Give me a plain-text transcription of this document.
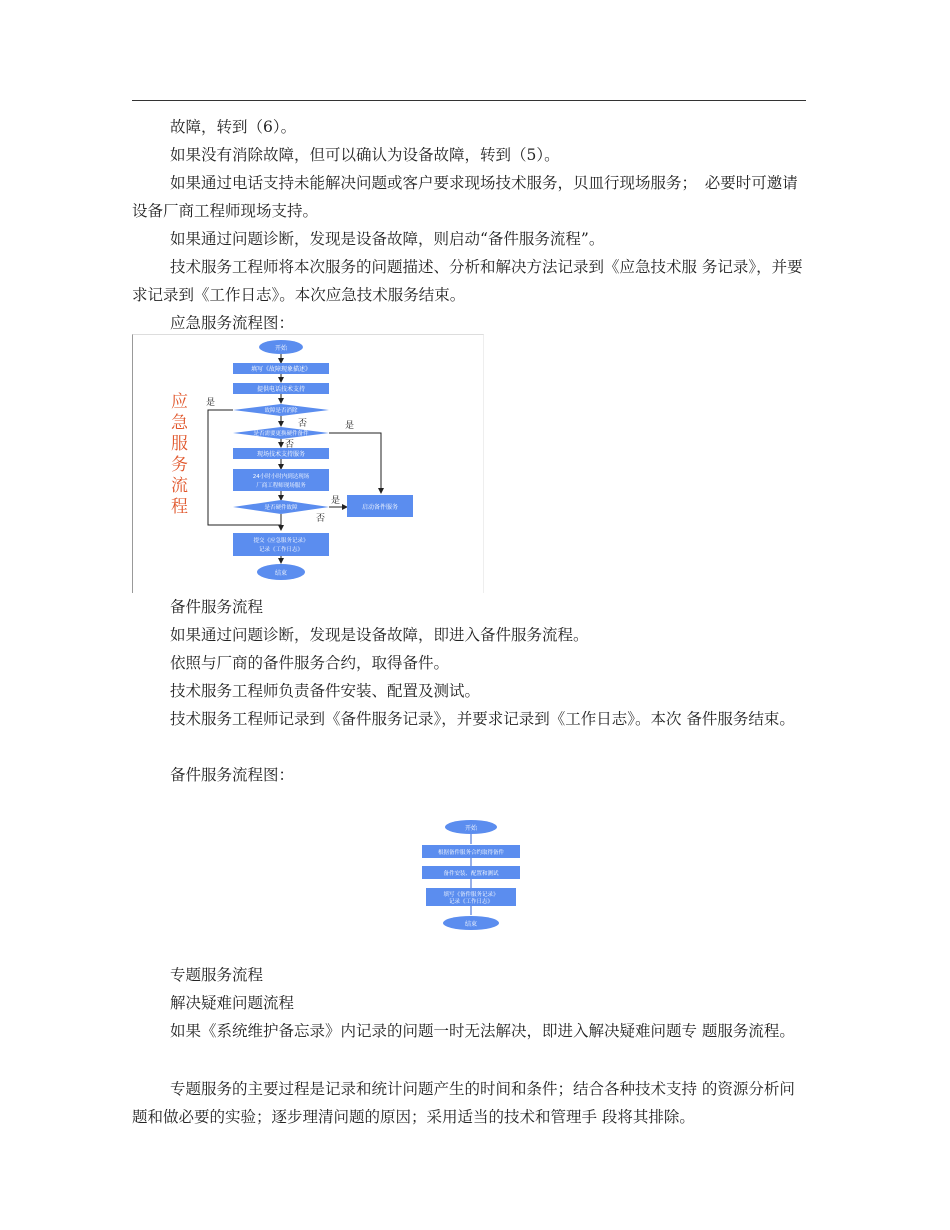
故障，转到（6）。

如果没有消除故障，但可以确认为设备故障，转到（5）。

如果通过电话支持未能解决问题或客户要求现场技术服务，贝皿行现场服务；　必要时可邀请设备厂商工程师现场支持。

如果通过问题诊断，发现是设备故障，则启动“备件服务流程”。

技术服务工程师将本次服务的问题描述、分析和解决方法记录到《应急技术服 务记录》，并要求记录到《工作日志》。本次应急技术服务结束。

应急服务流程图：

应
急
服
务
流
程
开始
填写《故障现象描述》
提供电话技术支持
故障是否消除
是否需要更换硬件备件
现场技术支持服务
24小时小时内到达现场
厂商工程师现场服务
是否硬件故障	启动备件服务
提交《应急服务记录》
记录《工作日志》
结束
是
否	是
否
是
否

备件服务流程

如果通过问题诊断，发现是设备故障，即进入备件服务流程。

依照与厂商的备件服务合约，取得备件。

技术服务工程师负责备件安装、配置及测试。

技术服务工程师记录到《备件服务记录》，并要求记录到《工作日志》。本次 备件服务结束。

备件服务流程图：

开始
根据备件服务合约取得备件
备件安装、配置和测试
填写《备件服务记录》
记录《工作日志》
结束

专题服务流程

解决疑难问题流程

如果《系统维护备忘录》内记录的问题一时无法解决，即进入解决疑难问题专 题服务流程。

专题服务的主要过程是记录和统计问题产生的时间和条件；结合各种技术支持 的资源分析问题和做必要的实验；逐步理清问题的原因；采用适当的技术和管理手 段将其排除。
